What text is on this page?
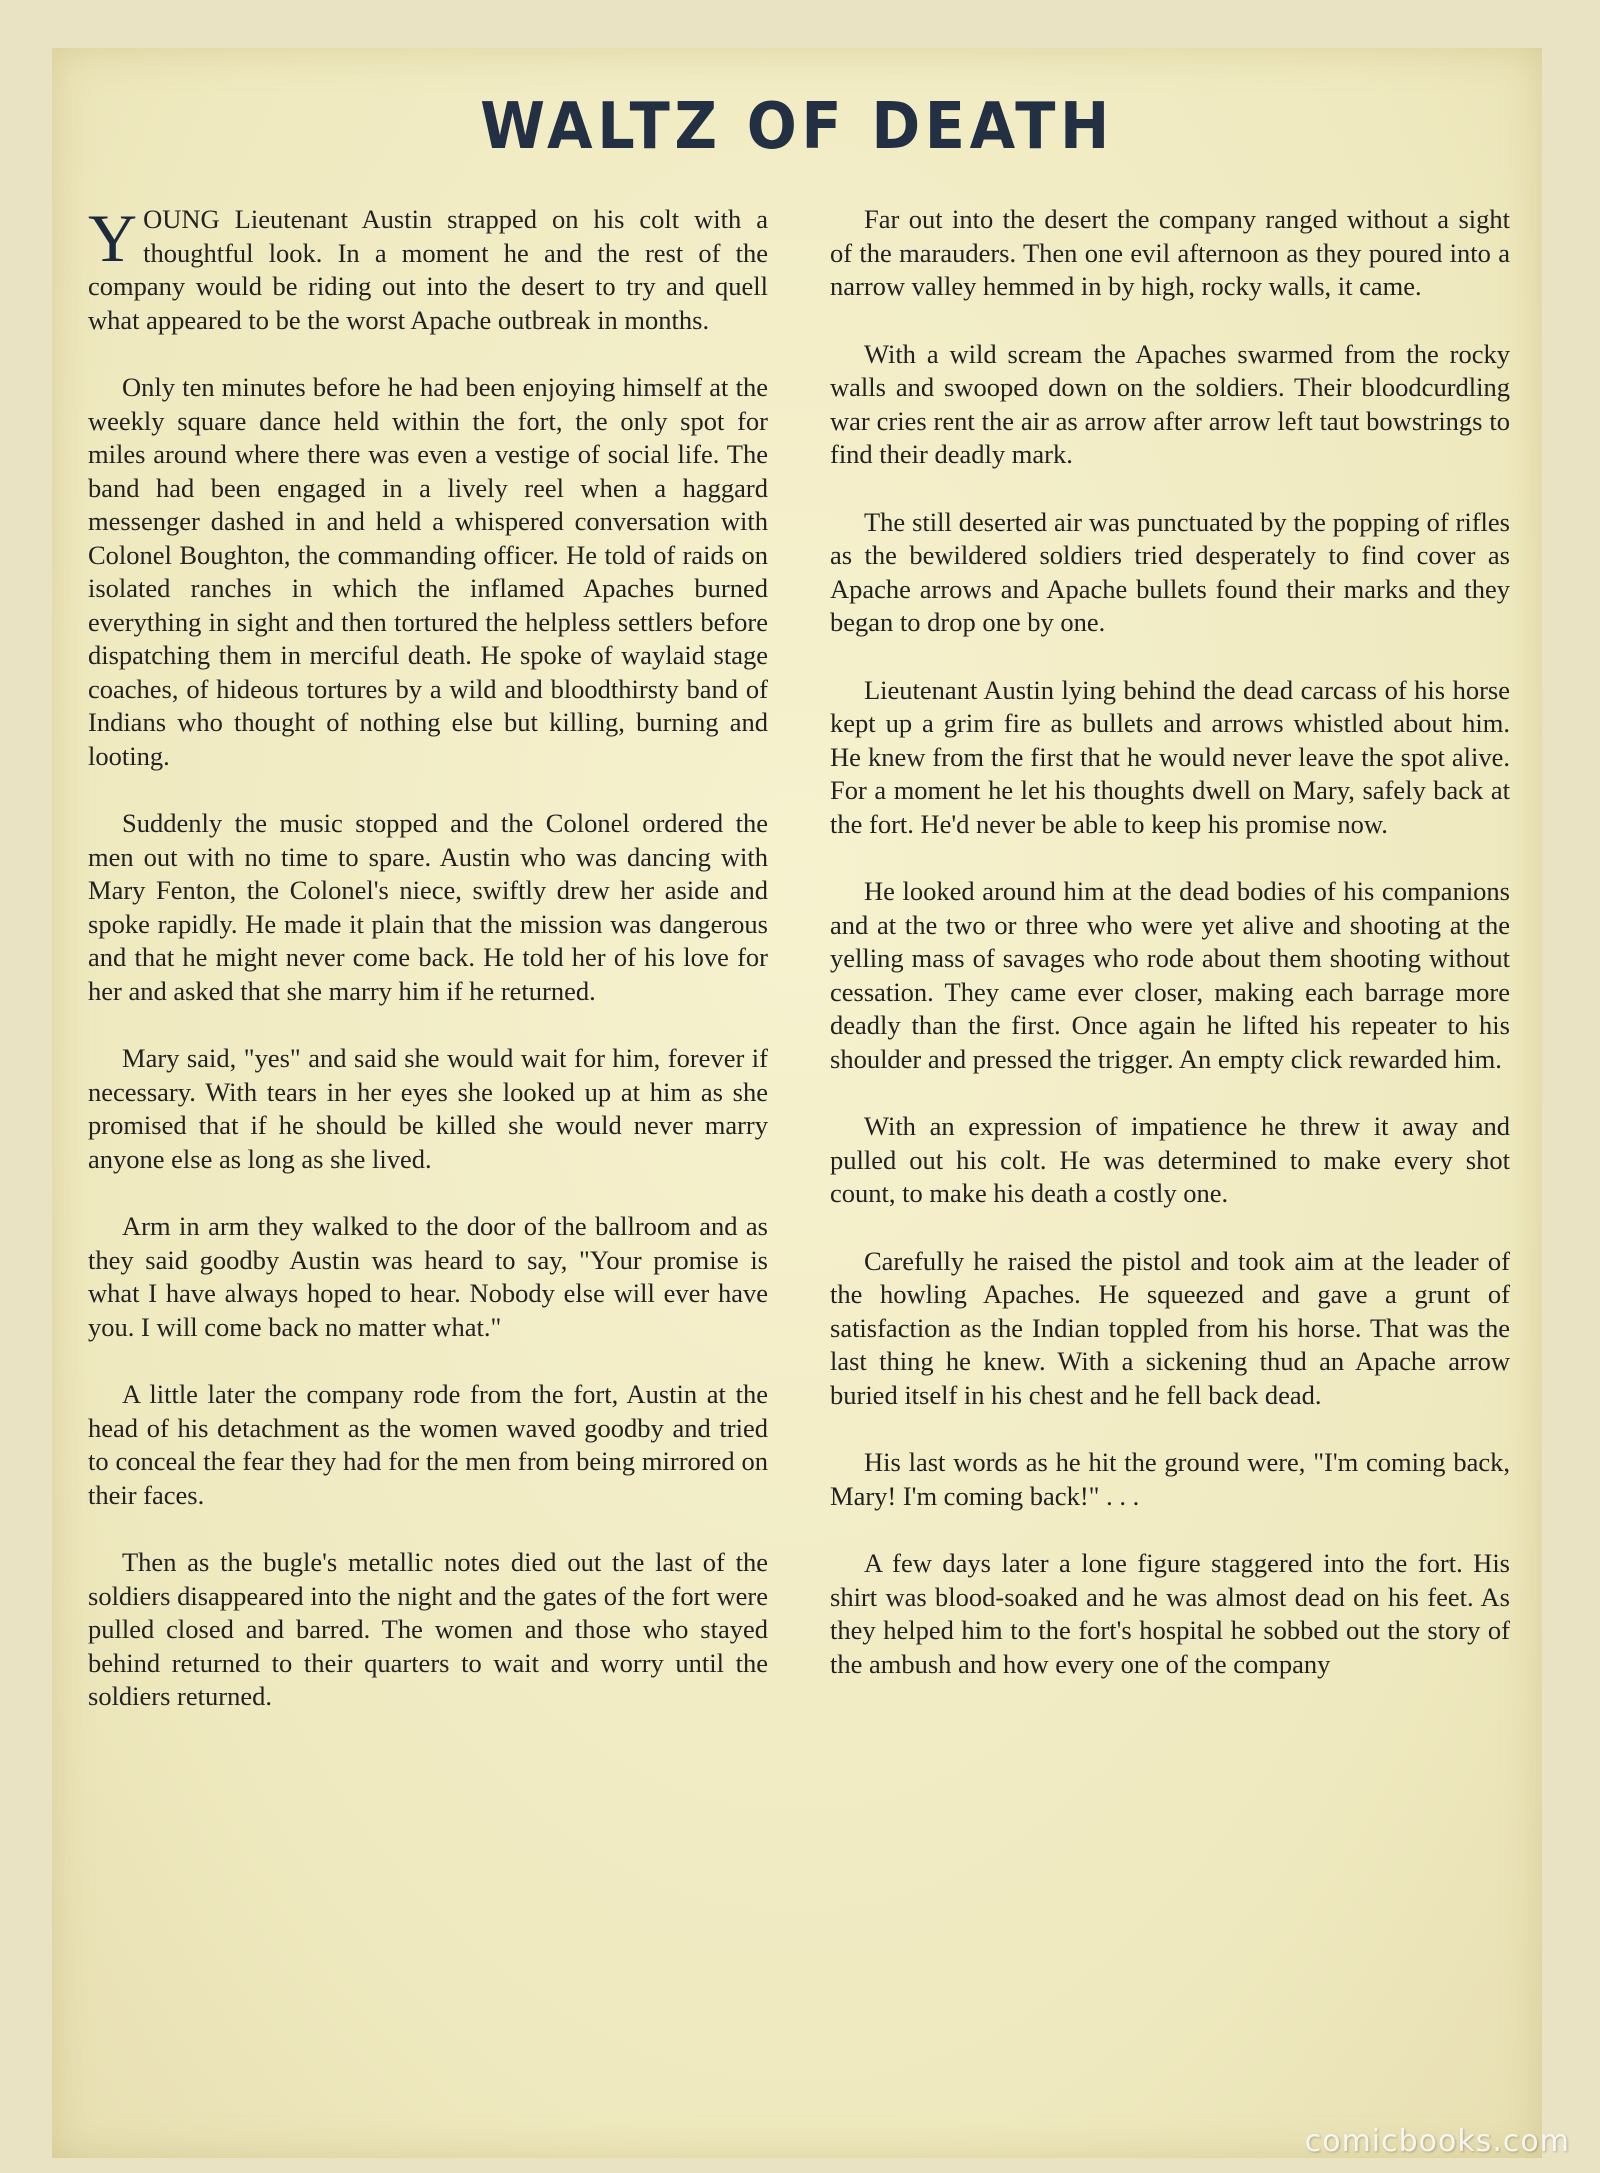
WALTZ OF DEATH

YOUNG Lieutenant Austin strapped on his colt with a thoughtful look. In a moment he and the rest of the company would be riding out into the desert to try and quell what appeared to be the worst Apache outbreak in months.

Only ten minutes before he had been enjoying himself at the weekly square dance held within the fort, the only spot for miles around where there was even a vestige of social life. The band had been engaged in a lively reel when a haggard messenger dashed in and held a whispered conversation with Colonel Boughton, the commanding officer. He told of raids on isolated ranches in which the inflamed Apaches burned everything in sight and then tortured the helpless settlers before dispatching them in merciful death. He spoke of waylaid stage coaches, of hideous tortures by a wild and bloodthirsty band of Indians who thought of nothing else but killing, burning and looting.

Suddenly the music stopped and the Colonel ordered the men out with no time to spare. Austin who was dancing with Mary Fenton, the Colonel's niece, swiftly drew her aside and spoke rapidly. He made it plain that the mission was dangerous and that he might never come back. He told her of his love for her and asked that she marry him if he returned.

Mary said, "yes" and said she would wait for him, forever if necessary. With tears in her eyes she looked up at him as she promised that if he should be killed she would never marry anyone else as long as she lived.

Arm in arm they walked to the door of the ballroom and as they said goodby Austin was heard to say, "Your promise is what I have always hoped to hear. Nobody else will ever have you. I will come back no matter what."

A little later the company rode from the fort, Austin at the head of his detachment as the women waved goodby and tried to conceal the fear they had for the men from being mirrored on their faces.

Then as the bugle's metallic notes died out the last of the soldiers disappeared into the night and the gates of the fort were pulled closed and barred. The women and those who stayed behind returned to their quarters to wait and worry until the soldiers returned.

Far out into the desert the company ranged without a sight of the marauders. Then one evil afternoon as they poured into a narrow valley hemmed in by high, rocky walls, it came.

With a wild scream the Apaches swarmed from the rocky walls and swooped down on the soldiers. Their bloodcurdling war cries rent the air as arrow after arrow left taut bowstrings to find their deadly mark.

The still deserted air was punctuated by the popping of rifles as the bewildered soldiers tried desperately to find cover as Apache arrows and Apache bullets found their marks and they began to drop one by one.

Lieutenant Austin lying behind the dead carcass of his horse kept up a grim fire as bullets and arrows whistled about him. He knew from the first that he would never leave the spot alive. For a moment he let his thoughts dwell on Mary, safely back at the fort. He'd never be able to keep his promise now.

He looked around him at the dead bodies of his companions and at the two or three who were yet alive and shooting at the yelling mass of savages who rode about them shooting without cessation. They came ever closer, making each barrage more deadly than the first. Once again he lifted his repeater to his shoulder and pressed the trigger. An empty click rewarded him.

With an expression of impatience he threw it away and pulled out his colt. He was determined to make every shot count, to make his death a costly one.

Carefully he raised the pistol and took aim at the leader of the howling Apaches. He squeezed and gave a grunt of satisfaction as the Indian toppled from his horse. That was the last thing he knew. With a sickening thud an Apache arrow buried itself in his chest and he fell back dead.

His last words as he hit the ground were, "I'm coming back, Mary! I'm coming back!" . . .

A few days later a lone figure staggered into the fort. His shirt was blood-soaked and he was almost dead on his feet. As they helped him to the fort's hospital he sobbed out the story of the ambush and how every one of the company

comicbooks.com
